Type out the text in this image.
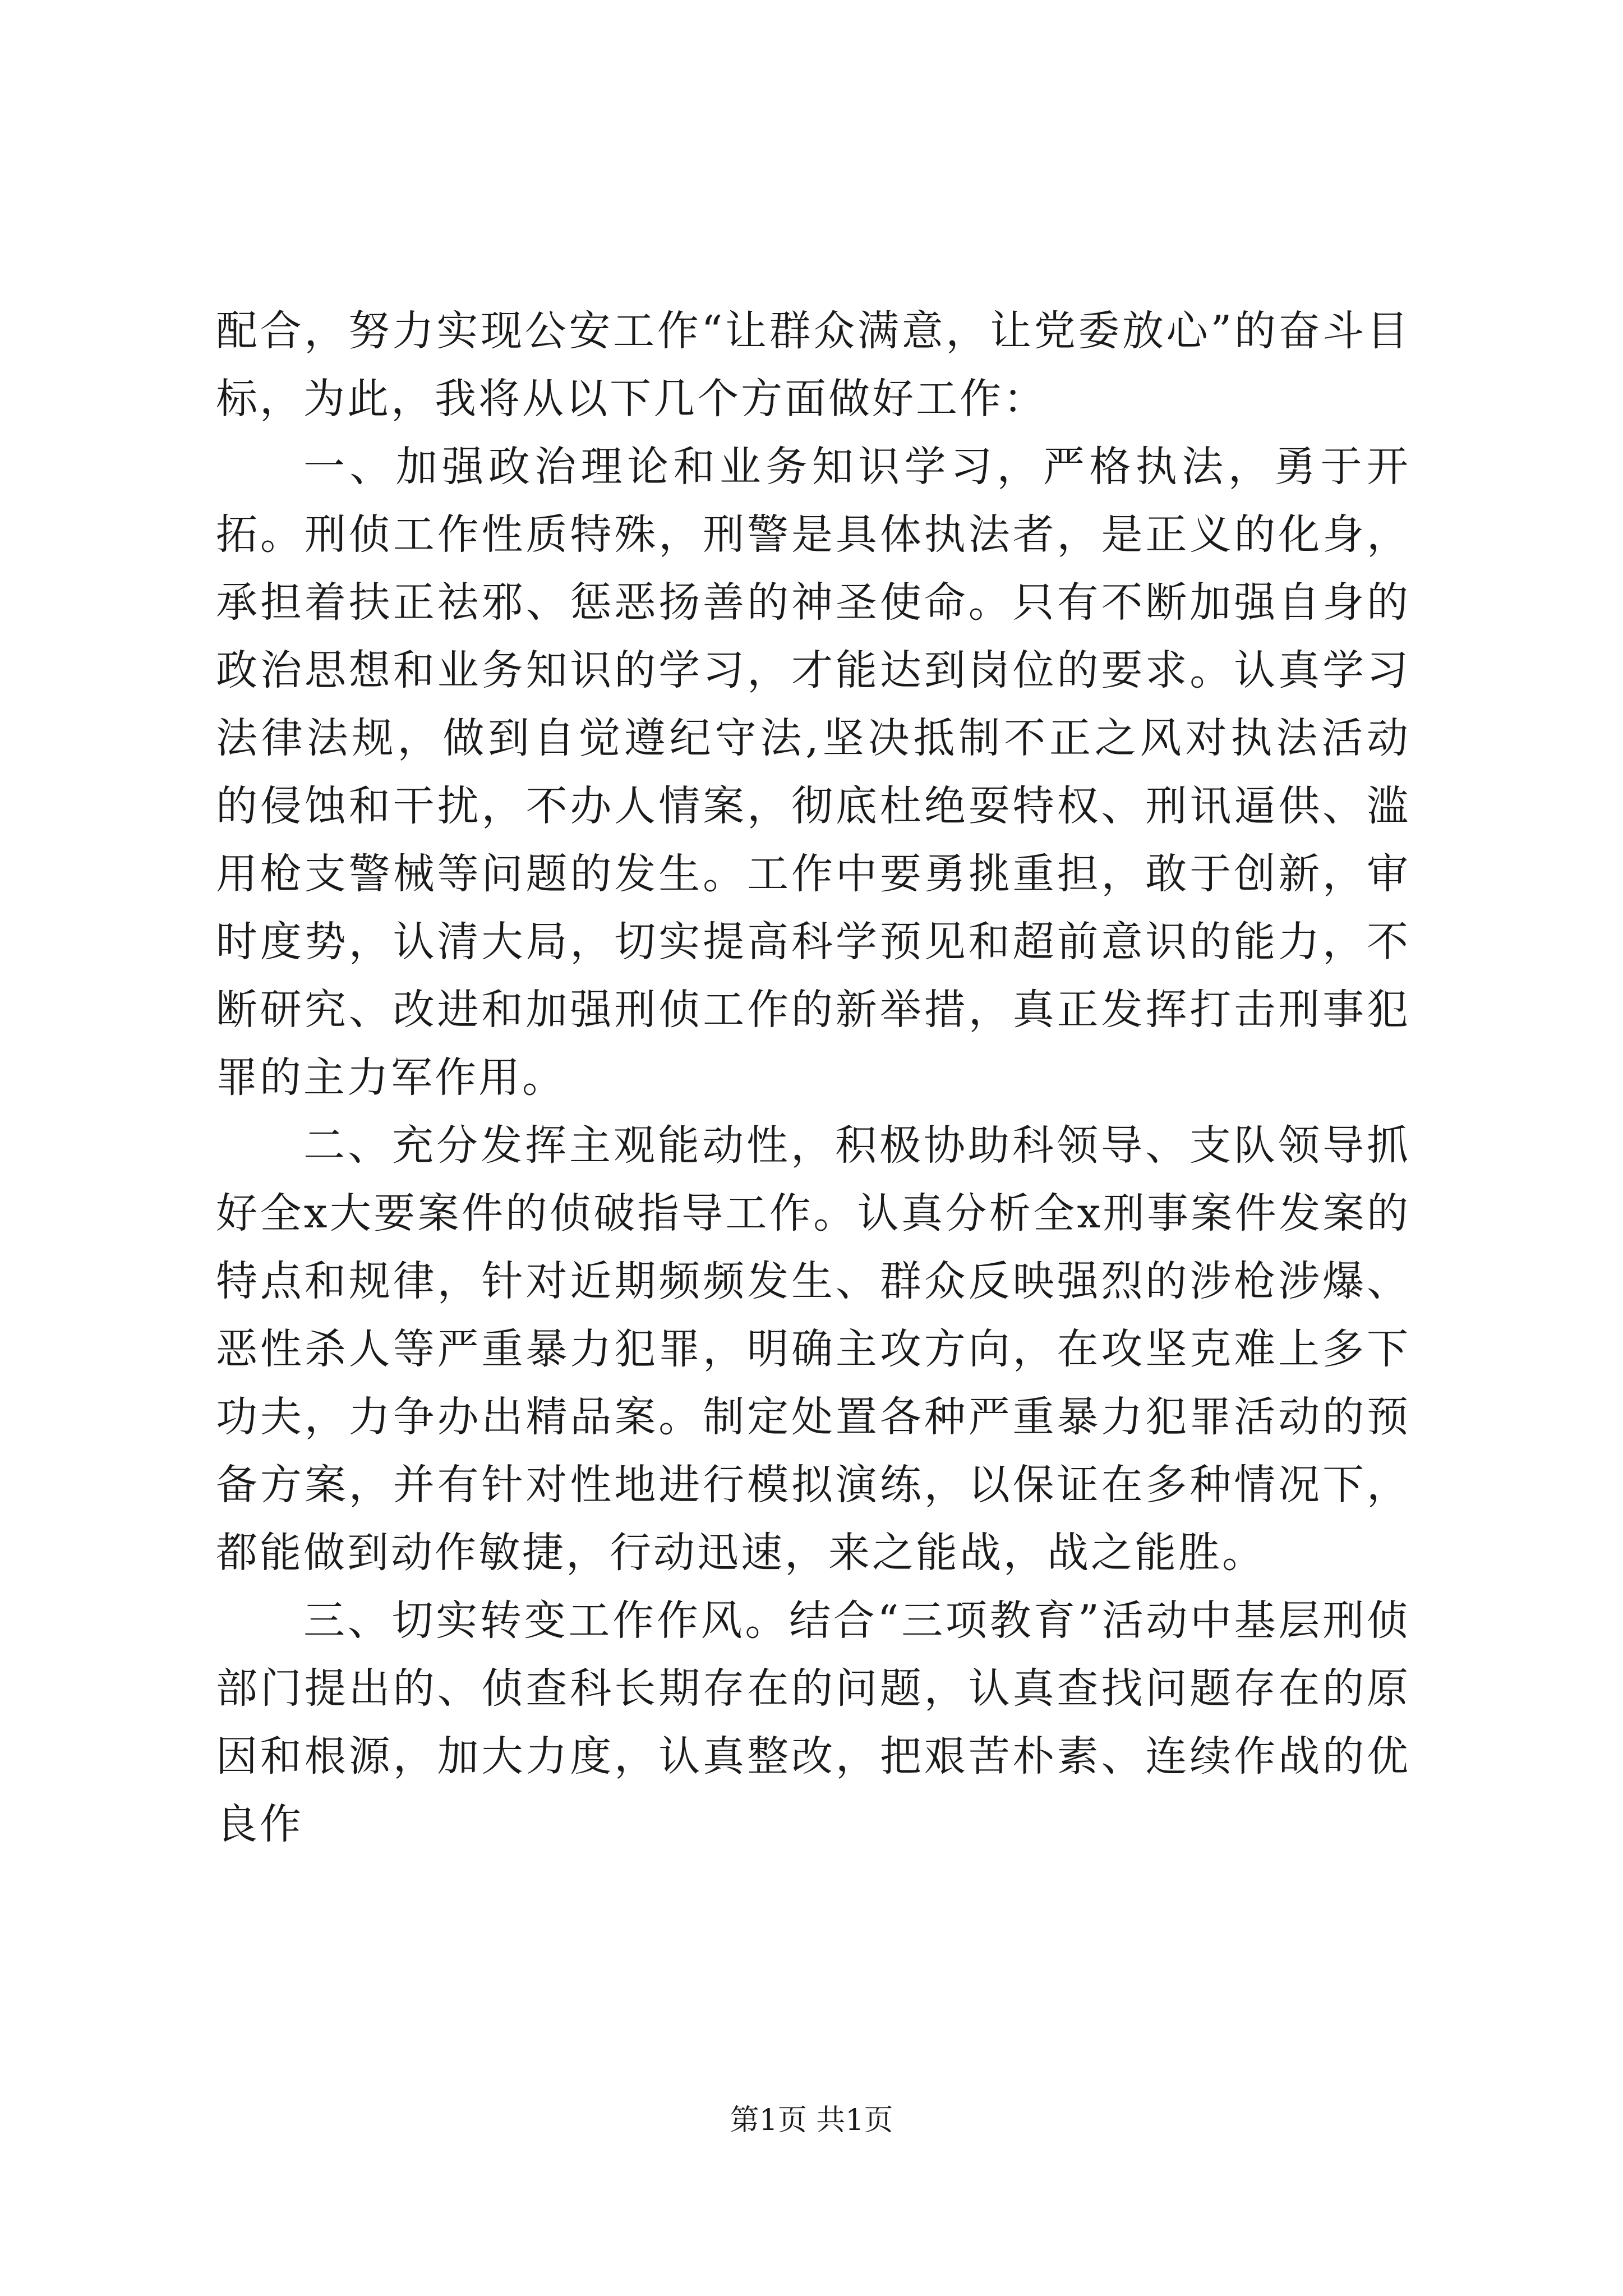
配合，努力实现公安工作“让群众满意，让党委放心”的奋斗目标，为此，我将从以下几个方面做好工作：

一、加强政治理论和业务知识学习，严格执法，勇于开拓。刑侦工作性质特殊，刑警是具体执法者，是正义的化身，承担着扶正祛邪、惩恶扬善的神圣使命。只有不断加强自身的政治思想和业务知识的学习，才能达到岗位的要求。认真学习法律法规，做到自觉遵纪守法,坚决抵制不正之风对执法活动的侵蚀和干扰，不办人情案，彻底杜绝耍特权、刑讯逼供、滥用枪支警械等问题的发生。工作中要勇挑重担，敢于创新，审时度势，认清大局，切实提高科学预见和超前意识的能力，不断研究、改进和加强刑侦工作的新举措，真正发挥打击刑事犯罪的主力军作用。

二、充分发挥主观能动性，积极协助科领导、支队领导抓好全x大要案件的侦破指导工作。认真分析全x刑事案件发案的特点和规律，针对近期频频发生、群众反映强烈的涉枪涉爆、恶性杀人等严重暴力犯罪，明确主攻方向，在攻坚克难上多下功夫，力争办出精品案。制定处置各种严重暴力犯罪活动的预备方案，并有针对性地进行模拟演练，以保证在多种情况下，都能做到动作敏捷，行动迅速，来之能战，战之能胜。

三、切实转变工作作风。结合“三项教育”活动中基层刑侦部门提出的、侦查科长期存在的问题，认真查找问题存在的原因和根源，加大力度，认真整改，把艰苦朴素、连续作战的优良作

第1页 共1页
